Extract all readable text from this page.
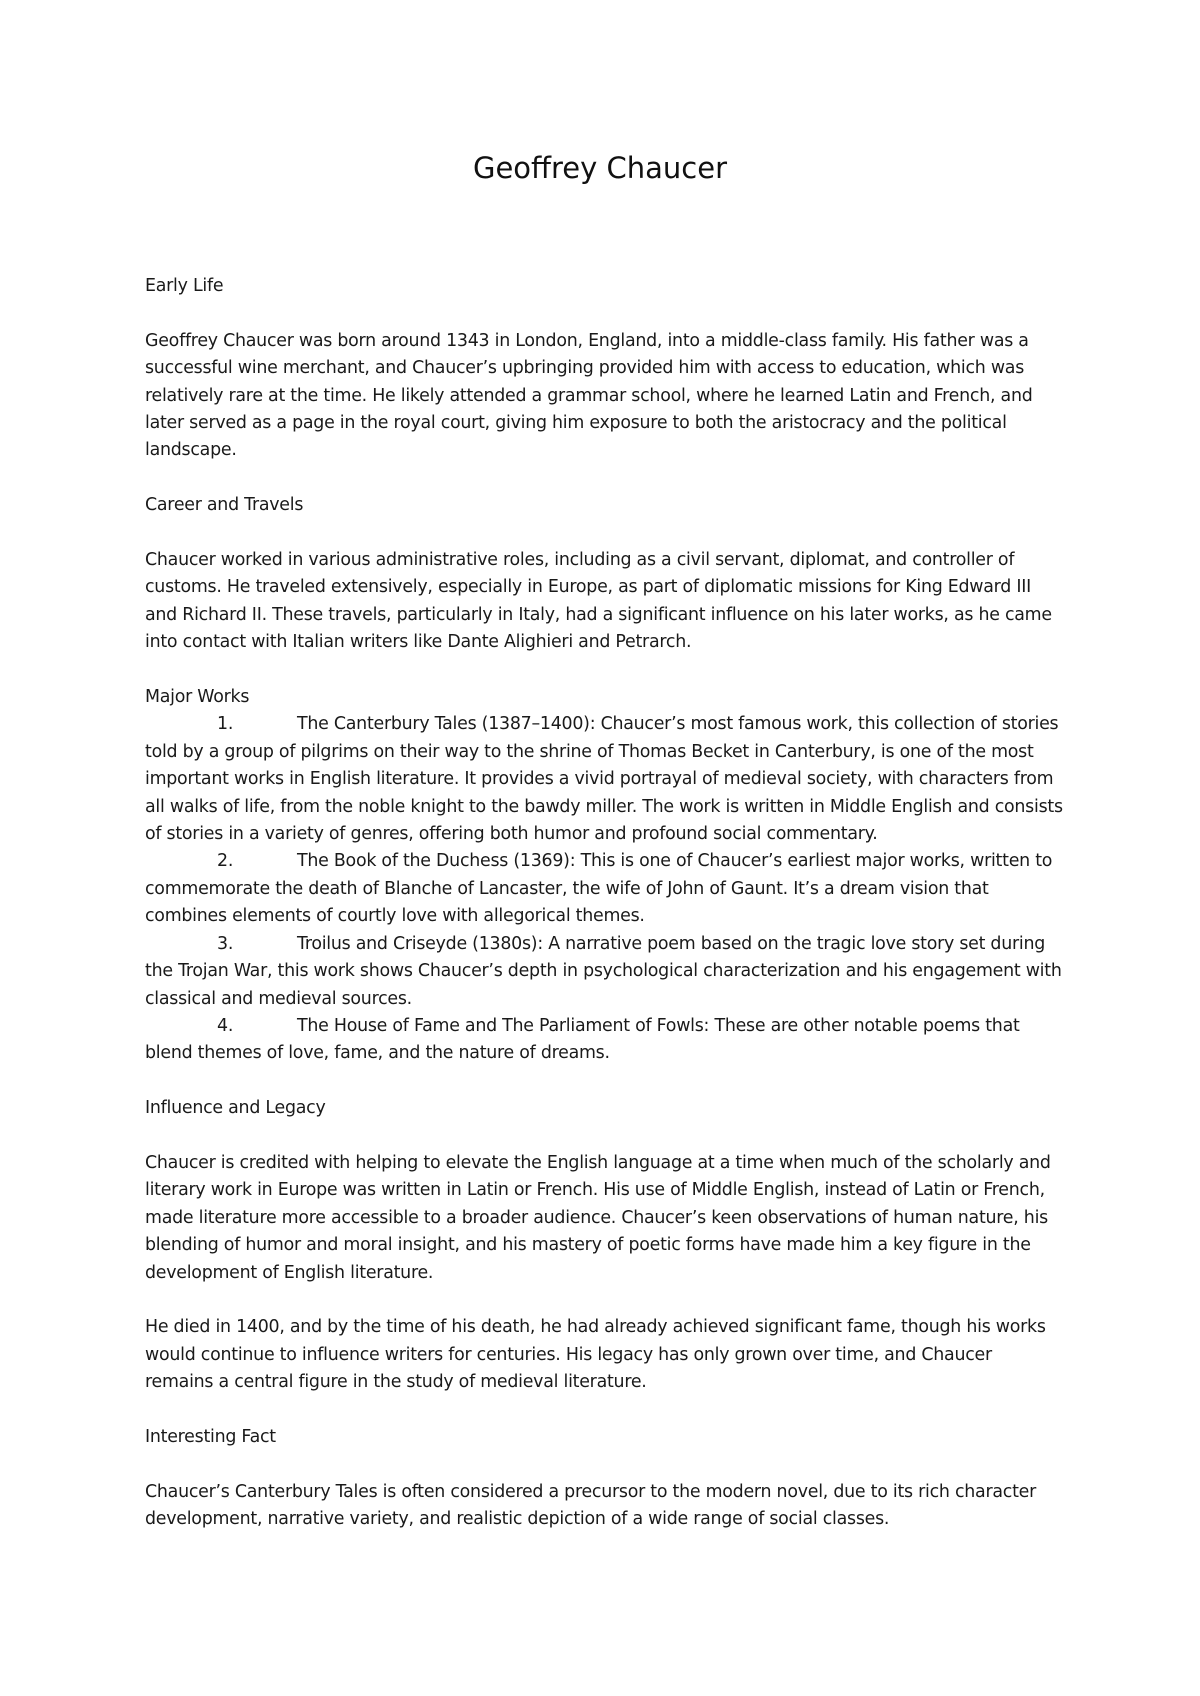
Geoffrey Chaucer

Early Life

Geoffrey Chaucer was born around 1343 in London, England, into a middle-class family. His father was a successful wine merchant, and Chaucer’s upbringing provided him with access to education, which was relatively rare at the time. He likely attended a grammar school, where he learned Latin and French, and later served as a page in the royal court, giving him exposure to both the aristocracy and the political landscape.

Career and Travels

Chaucer worked in various administrative roles, including as a civil servant, diplomat, and controller of customs. He traveled extensively, especially in Europe, as part of diplomatic missions for King Edward III and Richard II. These travels, particularly in Italy, had a significant influence on his later works, as he came into contact with Italian writers like Dante Alighieri and Petrarch.

Major Works

1.	The Canterbury Tales (1387–1400): Chaucer’s most famous work, this collection of stories told by a group of pilgrims on their way to the shrine of Thomas Becket in Canterbury, is one of the most important works in English literature. It provides a vivid portrayal of medieval society, with characters from all walks of life, from the noble knight to the bawdy miller. The work is written in Middle English and consists of stories in a variety of genres, offering both humor and profound social commentary.

2.	The Book of the Duchess (1369): This is one of Chaucer’s earliest major works, written to commemorate the death of Blanche of Lancaster, the wife of John of Gaunt. It’s a dream vision that combines elements of courtly love with allegorical themes.

3.	Troilus and Criseyde (1380s): A narrative poem based on the tragic love story set during the Trojan War, this work shows Chaucer’s depth in psychological characterization and his engagement with classical and medieval sources.

4.	The House of Fame and The Parliament of Fowls: These are other notable poems that blend themes of love, fame, and the nature of dreams.

Influence and Legacy

Chaucer is credited with helping to elevate the English language at a time when much of the scholarly and literary work in Europe was written in Latin or French. His use of Middle English, instead of Latin or French, made literature more accessible to a broader audience. Chaucer’s keen observations of human nature, his blending of humor and moral insight, and his mastery of poetic forms have made him a key figure in the development of English literature.

He died in 1400, and by the time of his death, he had already achieved significant fame, though his works would continue to influence writers for centuries. His legacy has only grown over time, and Chaucer remains a central figure in the study of medieval literature.

Interesting Fact

Chaucer’s Canterbury Tales is often considered a precursor to the modern novel, due to its rich character development, narrative variety, and realistic depiction of a wide range of social classes.
